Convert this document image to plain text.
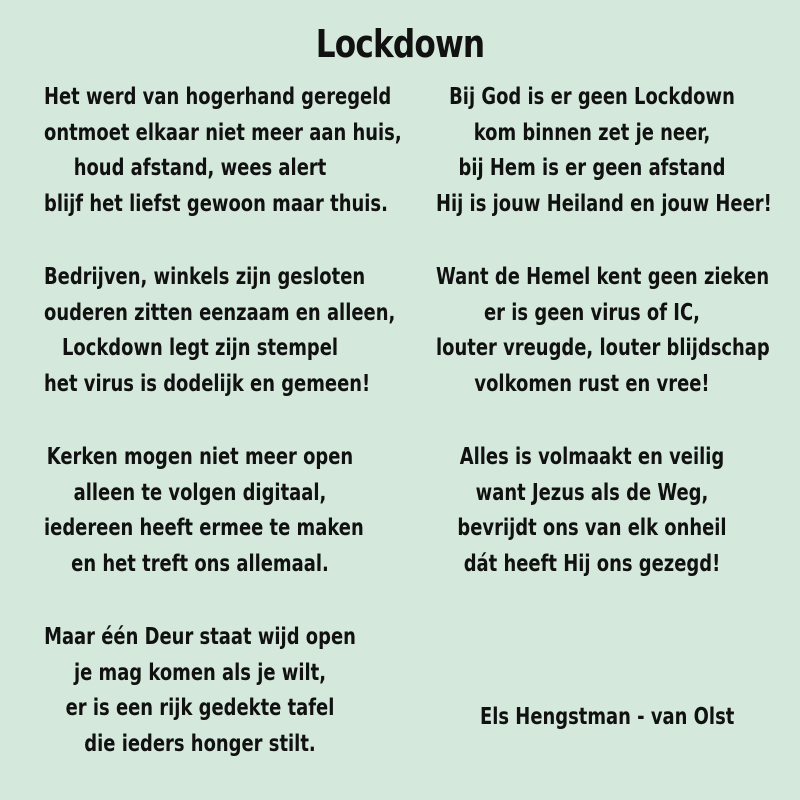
Lockdown
Het werd van hogerhand geregeld
ontmoet elkaar niet meer aan huis,
houd afstand, wees alert
blijf het liefst gewoon maar thuis.
Bedrijven, winkels zijn gesloten
ouderen zitten eenzaam en alleen,
Lockdown legt zijn stempel
het virus is dodelijk en gemeen!
Kerken mogen niet meer open
alleen te volgen digitaal,
iedereen heeft ermee te maken
en het treft ons allemaal.
Maar één Deur staat wijd open
je mag komen als je wilt,
er is een rijk gedekte tafel
die ieders honger stilt.
Bij God is er geen Lockdown
kom binnen zet je neer,
bij Hem is er geen afstand
Hij is jouw Heiland en jouw Heer!
Want de Hemel kent geen zieken
er is geen virus of IC,
louter vreugde, louter blijdschap
volkomen rust en vree!
Alles is volmaakt en veilig
want Jezus als de Weg,
bevrijdt ons van elk onheil
dát heeft Hij ons gezegd!
Els Hengstman - van Olst
